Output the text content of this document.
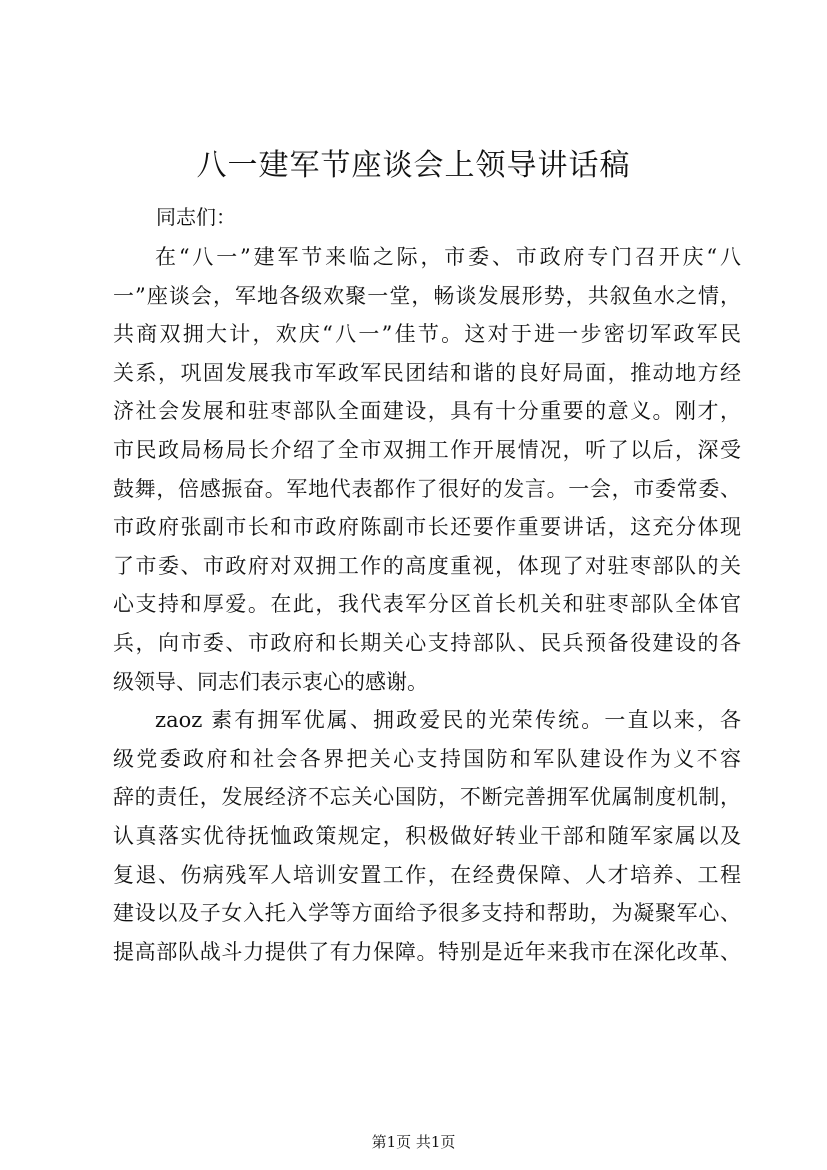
八一建军节座谈会上领导讲话稿
同志们：
在“八一”建军节来临之际，市委、市政府专门召开庆“八
一”座谈会，军地各级欢聚一堂，畅谈发展形势，共叙鱼水之情，
共商双拥大计，欢庆“八一”佳节。这对于进一步密切军政军民
关系，巩固发展我市军政军民团结和谐的良好局面，推动地方经
济社会发展和驻枣部队全面建设，具有十分重要的意义。刚才，
市民政局杨局长介绍了全市双拥工作开展情况，听了以后，深受
鼓舞，倍感振奋。军地代表都作了很好的发言。一会，市委常委、
市政府张副市长和市政府陈副市长还要作重要讲话，这充分体现
了市委、市政府对双拥工作的高度重视，体现了对驻枣部队的关
心支持和厚爱。在此，我代表军分区首长机关和驻枣部队全体官
兵，向市委、市政府和长期关心支持部队、民兵预备役建设的各
级领导、同志们表示衷心的感谢。
zaoz 素有拥军优属、拥政爱民的光荣传统。一直以来，各
级党委政府和社会各界把关心支持国防和军队建设作为义不容
辞的责任，发展经济不忘关心国防，不断完善拥军优属制度机制，
认真落实优待抚恤政策规定，积极做好转业干部和随军家属以及
复退、伤病残军人培训安置工作，在经费保障、人才培养、工程
建设以及子女入托入学等方面给予很多支持和帮助，为凝聚军心、
提高部队战斗力提供了有力保障。特别是近年来我市在深化改革、
第1页 共1页
